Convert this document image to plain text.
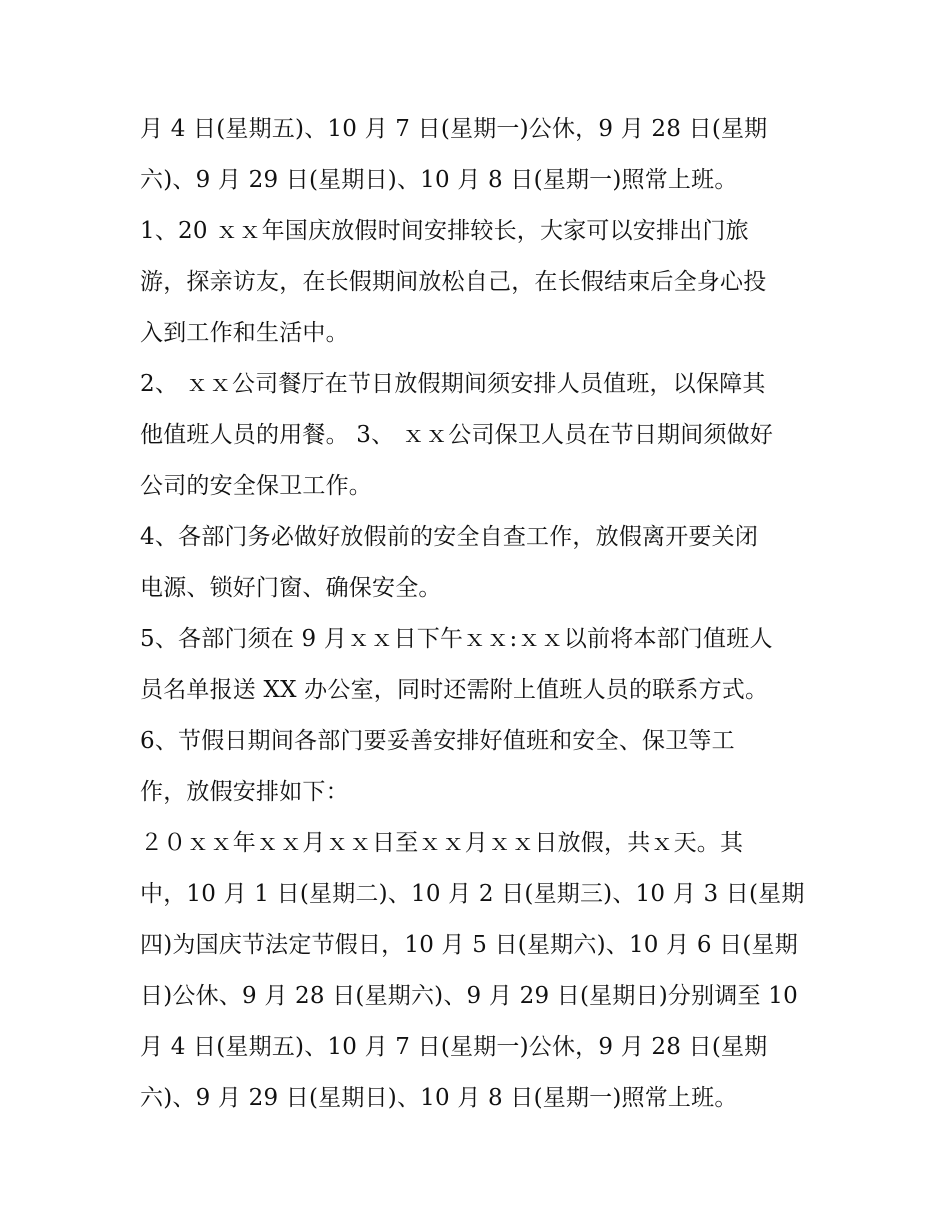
月 4 日(星期五)、10 月 7 日(星期一)公休，9 月 28 日(星期
六)、9 月 29 日(星期日)、10 月 8 日(星期一)照常上班。
1、20 ｘｘ年国庆放假时间安排较长，大家可以安排出门旅
游，探亲访友，在长假期间放松自己，在长假结束后全身心投
入到工作和生活中。
2、 ｘｘ公司餐厅在节日放假期间须安排人员值班，以保障其
他值班人员的用餐。 3、 ｘｘ公司保卫人员在节日期间须做好
公司的安全保卫工作。
4、各部门务必做好放假前的安全自查工作，放假离开要关闭
电源、锁好门窗、确保安全。
5、各部门须在 9 月ｘｘ日下午ｘｘ:ｘｘ以前将本部门值班人
员名单报送 XX 办公室，同时还需附上值班人员的联系方式。
6、节假日期间各部门要妥善安排好值班和安全、保卫等工
作，放假安排如下：
２０ｘｘ年ｘｘ月ｘｘ日至ｘｘ月ｘｘ日放假，共ｘ天。其
中，10 月 1 日(星期二)、10 月 2 日(星期三)、10 月 3 日(星期
四)为国庆节法定节假日，10 月 5 日(星期六)、10 月 6 日(星期
日)公休、9 月 28 日(星期六)、9 月 29 日(星期日)分别调至 10
月 4 日(星期五)、10 月 7 日(星期一)公休，9 月 28 日(星期
六)、9 月 29 日(星期日)、10 月 8 日(星期一)照常上班。
